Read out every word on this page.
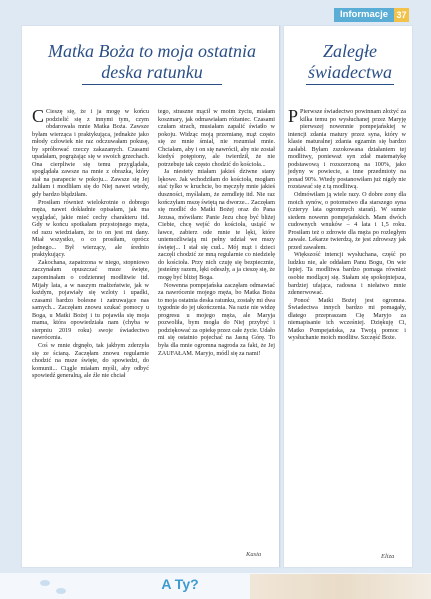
Informacje 37
Matka Boża to moja ostatnia
deska ratunku
Zaległe
świadectwa

C Cieszę się, że i ja mogę w końcu podzielić się z innymi tym, czym obdarowała mnie Matka Boża. Zawsze byłam wierząca i praktykująca, jednakże jako młody człowiek nie raz odczuwałam pokusę, by spróbować rzeczy zakazanych. Czasami upadałam, pogrążając się w swoich grzechach. Ona cierpliwie się temu przyglądała, spoglądała zawsze na mnie z obrazka, który stał na parapecie w pokoju... Zawsze się Jej żaliłam i modliłam się do Niej nawet wtedy, gdy bardzo błądziłam.

Prosiłam również wielokrotnie o dobrego męża, nawet dokładnie opisałam, jak ma wyglądać, jakie mieć cechy charakteru itd. Gdy w końcu spotkałam przystojnego męża, od razu wiedziałam, że to on jest mi dany. Miał wszystko, o co prosiłam, oprócz jednego... Był wierzący, ale średnio praktykujący.

Zakochana, zapatrzona w niego, stopniowo zaczynałam opuszczać msze święte, zapominałam o codziennej modlitwie itd. Mijały lata, a w naszym małżeństwie, jak w każdym, pojawiały się wzloty i upadki, czasami bardzo bolesne i zatruwające nas samych... Zaczęłam znowu szukać pomocy u Boga, u Matki Bożej i tu pojawiła się moja mama, która opowiedziała nam (chyba w sierpniu 2019 roku) swoje świadectwo nawrócenia.

Coś w mnie drgnęło, tak jakbym zderzyła się ze ścianą. Zaczęłam znowu regularnie chodzić na msze święte, do spowiedzi, do komunii... Ciągle miałam myśli, aby odbyć spowiedź generalną, ale źle nie chciał

tego, straszne mącił w moim życiu, miałam koszmary, jak odmawiałam różaniec. Czasami czułam strach, musiałam zapalić światło w pokoju. Widząc moją przemianę, mąż często się ze mnie śmiał, nie rozumiał mnie. Chciałam, aby i on się nawrócił, aby nie został kiedyś potępiony, ale twierdził, że nie potrzebuje tak często chodzić do kościoła...

Ja niestety miałam jakieś dziwne stany lękowe. Jak wchodziłam do kościoła, mogłam stać tylko w kruchcie, bo męczyły mnie jakieś duszności, myślałam, że zemdleję itd. Nie raz kończyłam mszę świętą na dworze... Zaczęłam się modlić do Matki Bożej oraz do Pana Jezusa, mówiłam: Panie Jezu chcę być bliżej Ciebie, chcę wejść do kościoła, usiąść w ławce, zabierz ode mnie te lęki, które uniemożliwiają mi pełny udział we mszy świętej... I stał się cud... Mój mąż i dzieci zaczęli chodzić ze mną regularnie co niedzielę do kościoła. Przy nich czuję się bezpiecznie, jesteśmy razem, lęki odeszły, a ja cieszę się, że mogę być bliżej Boga.

Nowenna pompejańska zaczęłam odmawiać za nawrócenie mojego męża, bo Matka Boża to moja ostatnia deska ratunku, zostały mi dwa tygodnie do jej ukończenia. Na razie nie widzę progresu u mojego męża, ale Maryja pozwoliła, bym mogła do Niej przybyć i podziękować za opiekę przez całe życie. Udało mi się ostatnio pojechać na Jasną Górę. To była dla mnie ogromna nagroda za fakt, że Jej ZAUFAŁAM. Maryjo, módl się za nami!

Kasia

P Pierwsze świadectwo powinnam złożyć za kilka temu po wysłuchanej przez Maryję pierwszej nowennie pompejańskiej w intencji zdania matury przez syna, który w klasie maturalnej zdania egzamin się bardzo zasłabł. Byłam zszokowana działaniem tej modlitwy, ponieważ syn zdał matematykę podstawową i rozszerzoną na 100%, jako jedyny w powiecie, a inne przedmioty na ponad 90%. Wtedy postanowiłam już nigdy nie rozstawać się z tą modlitwą.

Odmówiłam ją wiele razy. O dobre zony dla moich synów, o potomstwo dla starszego syna (czteryy lata ogromnych starań). W sumie siedem nowenn pompejańskich. Mam dwóch cudownych wnuków – 4 lata i 1,5 roku. Prosiłam też o zdrowie dla męża po rozległym zawale. Lekarze twierdzą, że jest zdrowszy jak przed zawałem.

Większość intencji wysłuchana, część po ludzku nie, ale oddałam Panu Bogu, On wie lepiej. Ta modlitwa bardzo pomaga również osobie modlącej się. Stałam się spokojniejsza, bardziej ufająca, radosna i niełatwo mnie zdenerwować.

Ponoć Matki Bożej jest ogromna. Świadectwa innych bardzo mi pomagały, dlatego przepraszam Cię Maryjo za niemapisanie ich wcześniej. Dziękuję Ci, Matko Pompejańska, za Twoją pomoc i wysłuchanie moich modlitw. Szczęść Boże.

Eliza
A Ty?
